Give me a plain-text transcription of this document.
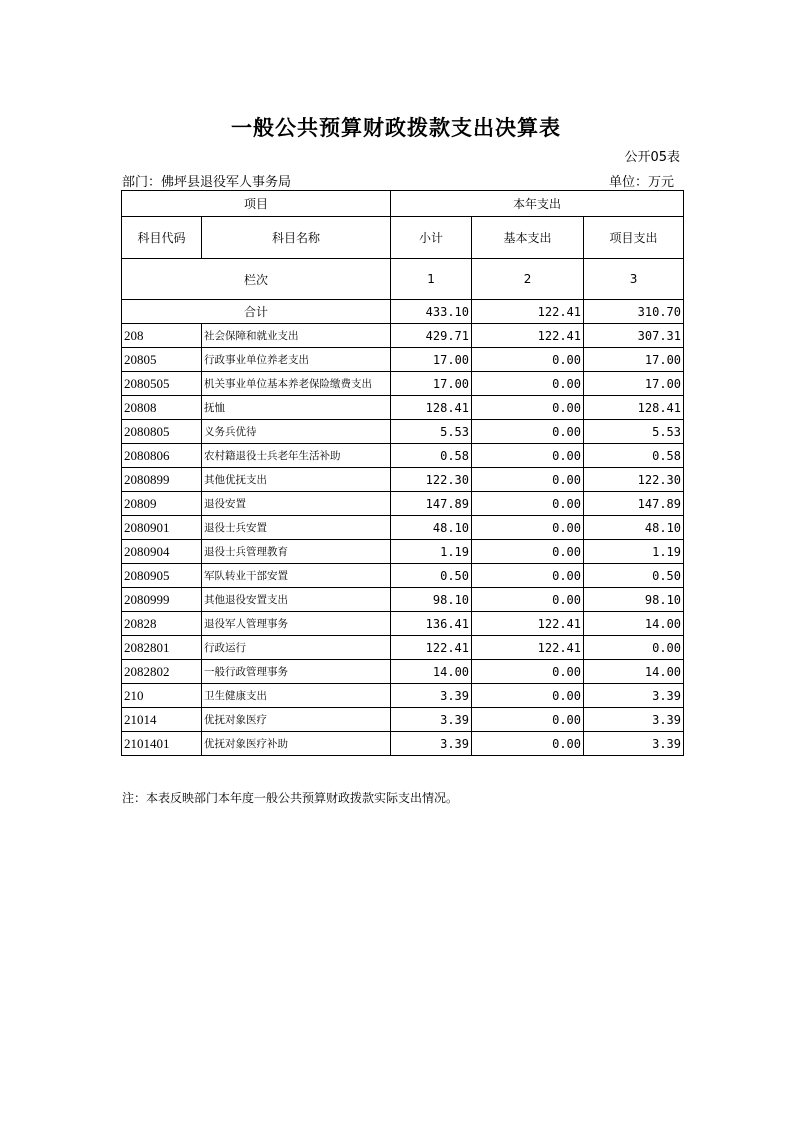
一般公共预算财政拨款支出决算表
公开05表
部门：佛坪县退役军人事务局	单位：万元
项目		本年支出		
科目代码	科目名称	小计	基本支出	项目支出
栏次		1	2	3
合计		433.10	122.41	310.70
208	社会保障和就业支出	429.71	122.41	307.31
20805	行政事业单位养老支出	17.00	0.00	17.00
2080505	机关事业单位基本养老保险缴费支出	17.00	0.00	17.00
20808	抚恤	128.41	0.00	128.41
2080805	义务兵优待	5.53	0.00	5.53
2080806	农村籍退役士兵老年生活补助	0.58	0.00	0.58
2080899	其他优抚支出	122.30	0.00	122.30
20809	退役安置	147.89	0.00	147.89
2080901	退役士兵安置	48.10	0.00	48.10
2080904	退役士兵管理教育	1.19	0.00	1.19
2080905	军队转业干部安置	0.50	0.00	0.50
2080999	其他退役安置支出	98.10	0.00	98.10
20828	退役军人管理事务	136.41	122.41	14.00
2082801	行政运行	122.41	122.41	0.00
2082802	一般行政管理事务	14.00	0.00	14.00
210	卫生健康支出	3.39	0.00	3.39
21014	优抚对象医疗	3.39	0.00	3.39
2101401	优抚对象医疗补助	3.39	0.00	3.39
注：本表反映部门本年度一般公共预算财政拨款实际支出情况。
